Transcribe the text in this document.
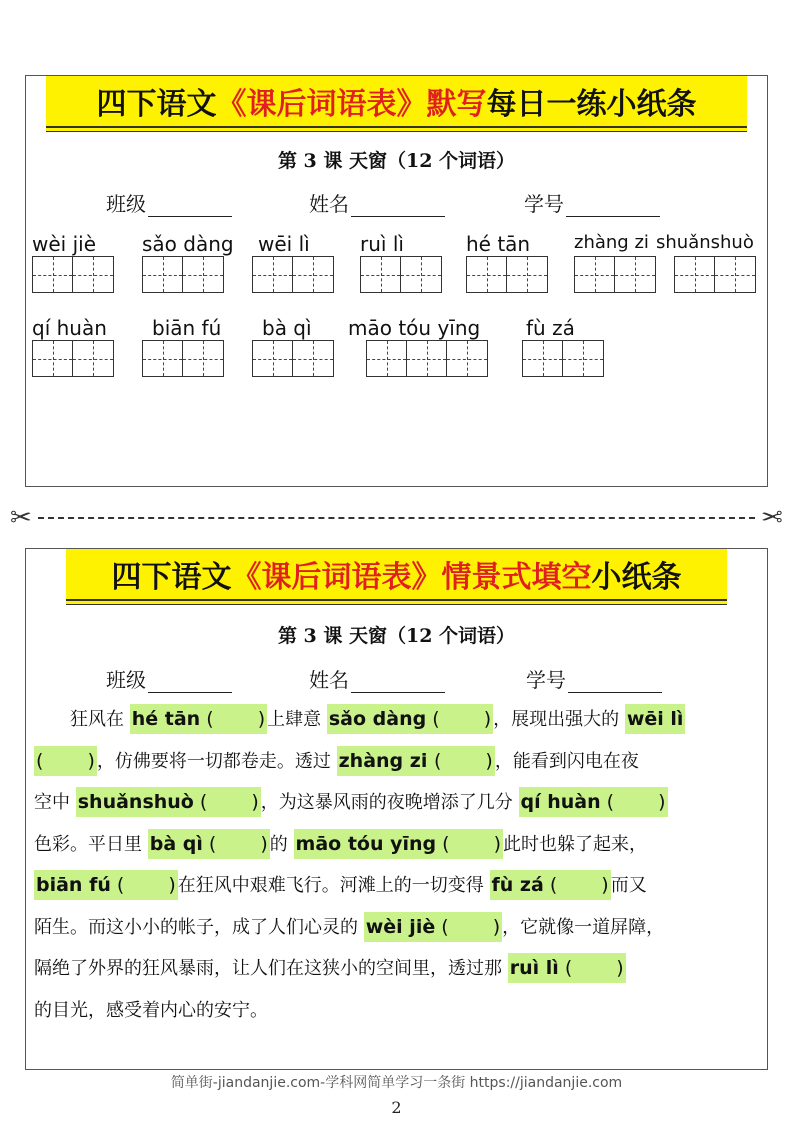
四下语文 《课后词语表》默写 每日一练小纸条
第 3 课 天窗（12 个词语）
班级	姓名	学号
wèi jiè sǎo dàng wēi lì	ruì lì	hé tān zhàng zi shuǎnshuò
qí huàn biān fú bà qì māo tóu yīng fù zá
✂	✂
四下语文 《课后词语表》情景式填空 小纸条
第 3 课 天窗（12 个词语）
班级	姓名	学号
　　狂风在 hé tān (　　 ) 上肆意 sǎo dàng (　　 ) ，展现出强大的 wēi lì
(　　 ) ，仿佛要将一切都卷走。透过 zhàng zi (　　 ) ，能看到闪电在夜
空中 shuǎnshuò (　　 ) ，为这暴风雨的夜晚增添了几分 qí huàn (　　 )
色彩。平日里 bà qì (　　 ) 的 māo tóu yīng (　　 ) 此时也躲了起来，
biān fú (　　 ) 在狂风中艰难飞行。河滩上的一切变得 fù zá (　　 ) 而又
陌生。而这小小的帐子，成了人们心灵的 wèi jiè (　　 ) ，它就像一道屏障，
隔绝了外界的狂风暴雨，让人们在这狭小的空间里，透过那 ruì lì (　　 )
的目光，感受着内心的安宁。
简单街-jiandanjie.com-学科网简单学习一条街 https://jiandanjie.com
2
